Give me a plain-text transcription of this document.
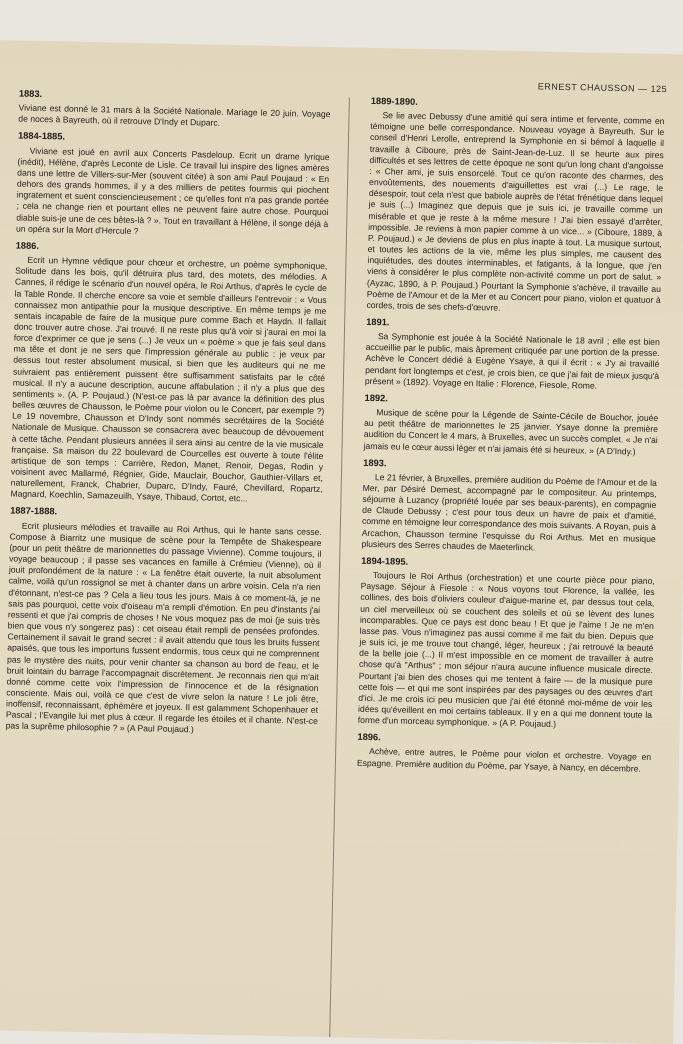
ERNEST CHAUSSON — 125
1883.

Viviane est donné le 31 mars à la Société Nationale. Mariage le 20 juin. Voyage de noces à Bayreuth, où il retrouve D'Indy et Duparc.

1884-1885.

Viviane est joué en avril aux Concerts Pasdeloup. Ecrit un drame lyrique (inédit), Hélène, d'après Leconte de Lisle. Ce travail lui inspire des lignes amères dans une lettre de Villers-sur-Mer (souvent citée) à son ami Paul Poujaud : « En dehors des grands hommes, il y a des milliers de petites fourmis qui piochent ingratement et suent consciencieusement ; ce qu'elles font n'a pas grande portée ; cela ne change rien et pourtant elles ne peuvent faire autre chose. Pourquoi diable suis-je une de ces bêtes-là ? ». Tout en travaillant à Hélène, il songe déjà à un opéra sur la Mort d'Hercule ?

1886.

Ecrit un Hymne védique pour chœur et orchestre, un poème symphonique, Solitude dans les bois, qu'il détruira plus tard, des motets, des mélodies. A Cannes, il rédige le scénario d'un nouvel opéra, le Roi Arthus, d'après le cycle de la Table Ronde. Il cherche encore sa voie et semble d'ailleurs l'entrevoir : « Vous connaissez mon antipathie pour la musique descriptive. En même temps je me sentais incapable de faire de la musique pure comme Bach et Haydn. Il fallait donc trouver autre chose. J'ai trouvé. Il ne reste plus qu'à voir si j'aurai en moi la force d'exprimer ce que je sens (...) Je veux un « poème » que je fais seul dans ma tête et dont je ne sers que l'impression générale au public : je veux par dessus tout rester absolument musical, si bien que les auditeurs qui ne me suivraient pas entièrement puissent être suffisamment satisfaits par le côté musical. Il n'y a aucune description, aucune affabulation ; il n'y a plus que des sentiments ». (A. P. Poujaud.) (N'est-ce pas là par avance la définition des plus belles œuvres de Chausson, le Poème pour violon ou le Concert, par exemple ?) Le 19 novembre, Chausson et D'Indy sont nommés secrétaires de la Société Nationale de Musique. Chausson se consacrera avec beaucoup de dévouement à cette tâche. Pendant plusieurs années il sera ainsi au centre de la vie musicale française. Sa maison du 22 boulevard de Courcelles est ouverte à toute l'élite artistique de son temps : Carrière, Redon, Manet, Renoir, Degas, Rodin y voisinent avec Mallarmé, Régnier, Gide, Mauclair, Bouchor, Gauthier-Villars et, naturellement, Franck, Chabrier, Duparc, D'Indy, Fauré, Chevillard, Ropartz, Magnard, Koechlin, Samazeuilh, Ysaye, Thibaud, Cortot, etc...

1887-1888.

Ecrit plusieurs mélodies et travaille au Roi Arthus, qui le hante sans cesse. Compose à Biarritz une musique de scène pour la Tempête de Shakespeare (pour un petit théâtre de marionnettes du passage Vivienne). Comme toujours, il voyage beaucoup ; il passe ses vacances en famille à Crémieu (Vienne), où il jouit profondément de la nature : « La fenêtre était ouverte, la nuit absolument calme, voilà qu'un rossignol se met à chanter dans un arbre voisin. Cela n'a rien d'étonnant, n'est-ce pas ? Cela a lieu tous les jours. Mais à ce moment-là, je ne sais pas pourquoi, cette voix d'oiseau m'a rempli d'émotion. En peu d'instants j'ai ressenti et que j'ai compris de choses ! Ne vous moquez pas de moi (je suis très bien que vous n'y songerez pas) : cet oiseau était rempli de pensées profondes. Certainement il savait le grand secret : il avait attendu que tous les bruits fussent apaisés, que tous les importuns fussent endormis, tous ceux qui ne comprennent pas le mystère des nuits, pour venir chanter sa chanson au bord de l'eau, et le bruit lointain du barrage l'accompagnait discrètement. Je reconnais rien qui m'ait donné comme cette voix l'impression de l'innocence et de la résignation consciente. Mais oui, voilà ce que c'est de vivre selon la nature ! Le joli être, inoffensif, reconnaissant, éphémère et joyeux. Il est galamment Schopenhauer et Pascal ; l'Evangile lui met plus à cœur. Il regarde les étoiles et il chante. N'est-ce pas la suprême philosophie ? » (A Paul Poujaud.)

1889-1890.

Se lie avec Debussy d'une amitié qui sera intime et fervente, comme en témoigne une belle correspondance. Nouveau voyage à Bayreuth. Sur le conseil d'Henri Lerolle, entreprend la Symphonie en si bémol à laquelle il travaille à Ciboure, près de Saint-Jean-de-Luz. Il se heurte aux pires difficultés et ses lettres de cette époque ne sont qu'un long chant d'angoisse : « Cher ami, je suis ensorcelé. Tout ce qu'on raconte des charmes, des envoûtements, des nouements d'aiguillettes est vrai (...) Le rage, le désespoir, tout cela n'est que babiole auprès de l'état frénétique dans lequel je suis (...) Imaginez que depuis que je suis ici, je travaille comme un misérable et que je reste à la même mesure ! J'ai bien essayé d'arrêter, impossible. Je reviens à mon papier comme à un vice... » (Ciboure, 1889, à P. Poujaud.) « Je deviens de plus en plus inapte à tout. La musique surtout, et toutes les actions de la vie, même les plus simples, me causent des inquiétudes, des doutes interminables, et fatigants, à la longue, que j'en viens à considérer le plus complète non-activité comme un port de salut. » (Ayzac, 1890, à P. Poujaud.) Pourtant la Symphonie s'achève, il travaille au Poème de l'Amour et de la Mer et au Concert pour piano, violon et quatuor à cordes, trois de ses chefs-d'œuvre.

1891.

Sa Symphonie est jouée à la Société Nationale le 18 avril ; elle est bien accueillie par le public, mais âprement critiquée par une portion de la presse. Achève le Concert dédié à Eugène Ysaye, à qui il écrit : « J'y ai travaillé pendant fort longtemps et c'est, je crois bien, ce que j'ai fait de mieux jusqu'à présent » (1892). Voyage en Italie : Florence, Fiesole, Rome.

1892.

Musique de scène pour la Légende de Sainte-Cécile de Bouchor, jouée au petit théâtre de marionnettes le 25 janvier. Ysaye donne la première audition du Concert le 4 mars, à Bruxelles, avec un succès complet. « Je n'ai jamais eu le cœur aussi léger et n'ai jamais été si heureux. » (A D'Indy.)

1893.

Le 21 février, à Bruxelles, première audition du Poème de l'Amour et de la Mer, par Désiré Demest, accompagné par le compositeur. Au printemps, séjourne à Luzancy (propriété louée par ses beaux-parents), en compagnie de Claude Debussy ; c'est pour tous deux un havre de paix et d'amitié, comme en témoigne leur correspondance des mois suivants. A Royan, puis à Arcachon, Chausson termine l'esquisse du Roi Arthus. Met en musique plusieurs des Serres chaudes de Maeterlinck.

1894-1895.

Toujours le Roi Arthus (orchestration) et une courte pièce pour piano, Paysage. Séjour à Fiesole : « Nous voyons tout Florence, la vallée, les collines, des bois d'oliviers couleur d'aigue-marine et, par dessus tout cela, un ciel merveilleux où se couchent des soleils et où se lèvent des lunes incomparables. Que ce pays est donc beau ! Et que je l'aime ! Je ne m'en lasse pas. Vous n'imaginez pas aussi comme il me fait du bien. Depuis que je suis ici, je me trouve tout changé, léger, heureux ; j'ai retrouvé la beauté de la belle joie (...) Il m'est impossible en ce moment de travailler à autre chose qu'à "Arthus" ; mon séjour n'aura aucune influence musicale directe. Pourtant j'ai bien des choses qui me tentent à faire — de la musique pure cette fois — et qui me sont inspirées par des paysages ou des œuvres d'art d'ici. Je me crois ici peu musicien que j'ai été étonné moi-même de voir les idées qu'éveillent en moi certains tableaux. Il y en a qui me donnent toute la forme d'un morceau symphonique. » (A P. Poujaud.)

1896.

Achève, entre autres, le Poème pour violon et orchestre. Voyage en Espagne. Première audition du Poème, par Ysaye, à Nancy, en décembre.
